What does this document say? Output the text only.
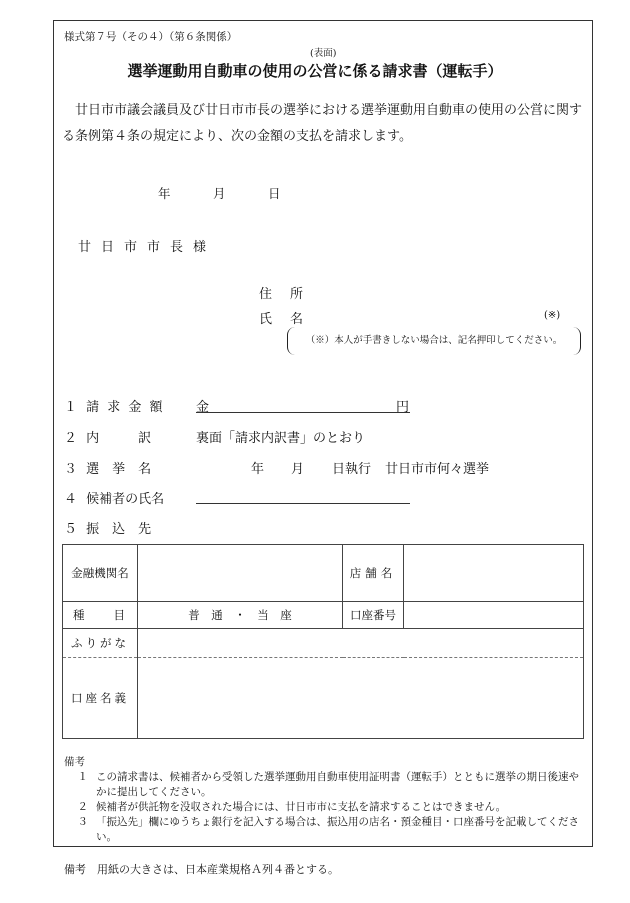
様式第７号（その４）（第６条関係）
(表面)
選挙運動用自動車の使用の公営に係る請求書（運転手）
廿日市市議会議員及び廿日市市長の選挙における選挙運動用自動車の使用の公営に関する条例第４条の規定により、次の金額の支払を請求します。
年	月	日
廿日市市長様
住所
氏名	(※)
（※）本人が手書きしない場合は、記名押印してください。
１ 請 求 金 額 金	円
２ 内　　　訳	裏面「請求内訳書」のとおり
３ 選　挙　名	年 月 日執行 廿日市市何々選挙
４ 候補者の氏名
５ 振　込　先
金融機関名		店舗名	
種　　目	普　通　・　当　座	口座番号	
ふりがな			
口座名義			
備考
１ この請求書は、候補者から受領した選挙運動用自動車使用証明書（運転手）とともに選挙の期日後速やかに提出してください。
２ 候補者が供託物を没収された場合には、廿日市市に支払を請求することはできません。
３ 「振込先」欄にゆうちょ銀行を記入する場合は、振込用の店名・預金種目・口座番号を記載してください。
備考　用紙の大きさは、日本産業規格Ａ列４番とする。
